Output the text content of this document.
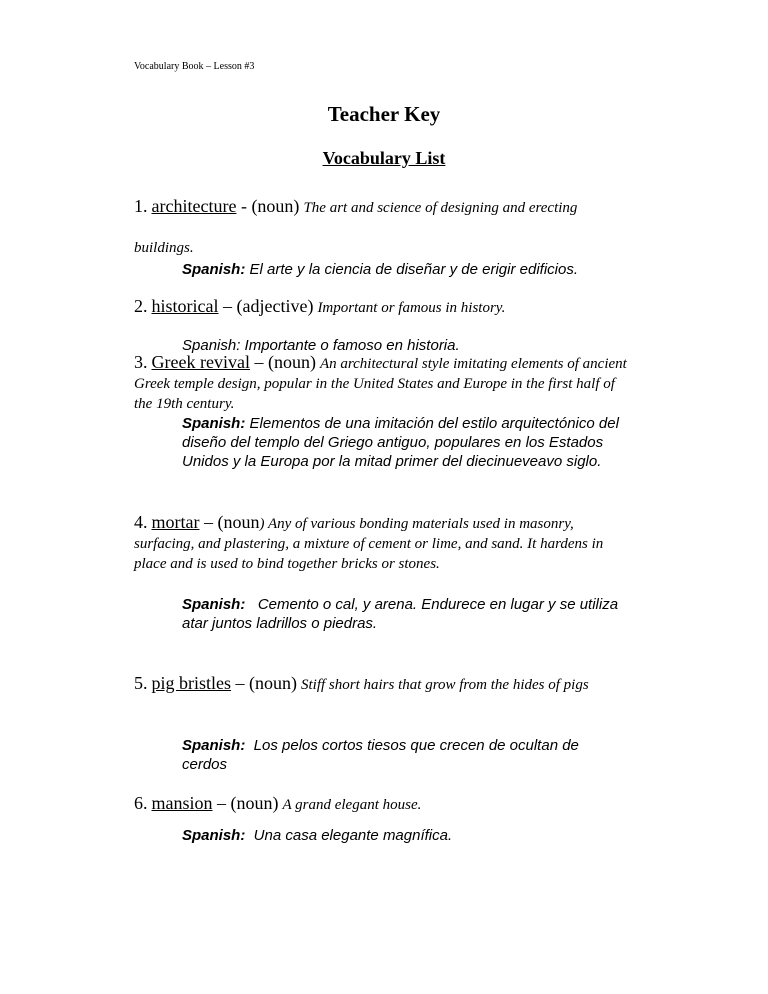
Vocabulary Book – Lesson #3
Teacher Key
Vocabulary List
1. architecture - (noun) The art and science of designing and erecting buildings.
Spanish: El arte y la ciencia de diseñar y de erigir edificios.
2. historical – (adjective) Important or famous in history.
Spanish: Importante o famoso en historia.
3. Greek revival – (noun) An architectural style imitating elements of ancient Greek temple design, popular in the United States and Europe in the first half of the 19th century.
Spanish: Elementos de una imitación del estilo arquitectónico del diseño del templo del Griego antiguo, populares en los Estados Unidos y la Europa por la mitad primer del diecinueveavo siglo.
4. mortar – (noun) Any of various bonding materials used in masonry, surfacing, and plastering, a mixture of cement or lime, and sand. It hardens in place and is used to bind together bricks or stones.
Spanish:   Cemento o cal, y arena. Endurece en lugar y se utiliza atar juntos ladrillos o piedras.
5. pig bristles – (noun) Stiff short hairs that grow from the hides of pigs
Spanish:  Los pelos cortos tiesos que crecen de ocultan de cerdos
6. mansion – (noun) A grand elegant house.
Spanish:  Una casa elegante magnífica.
